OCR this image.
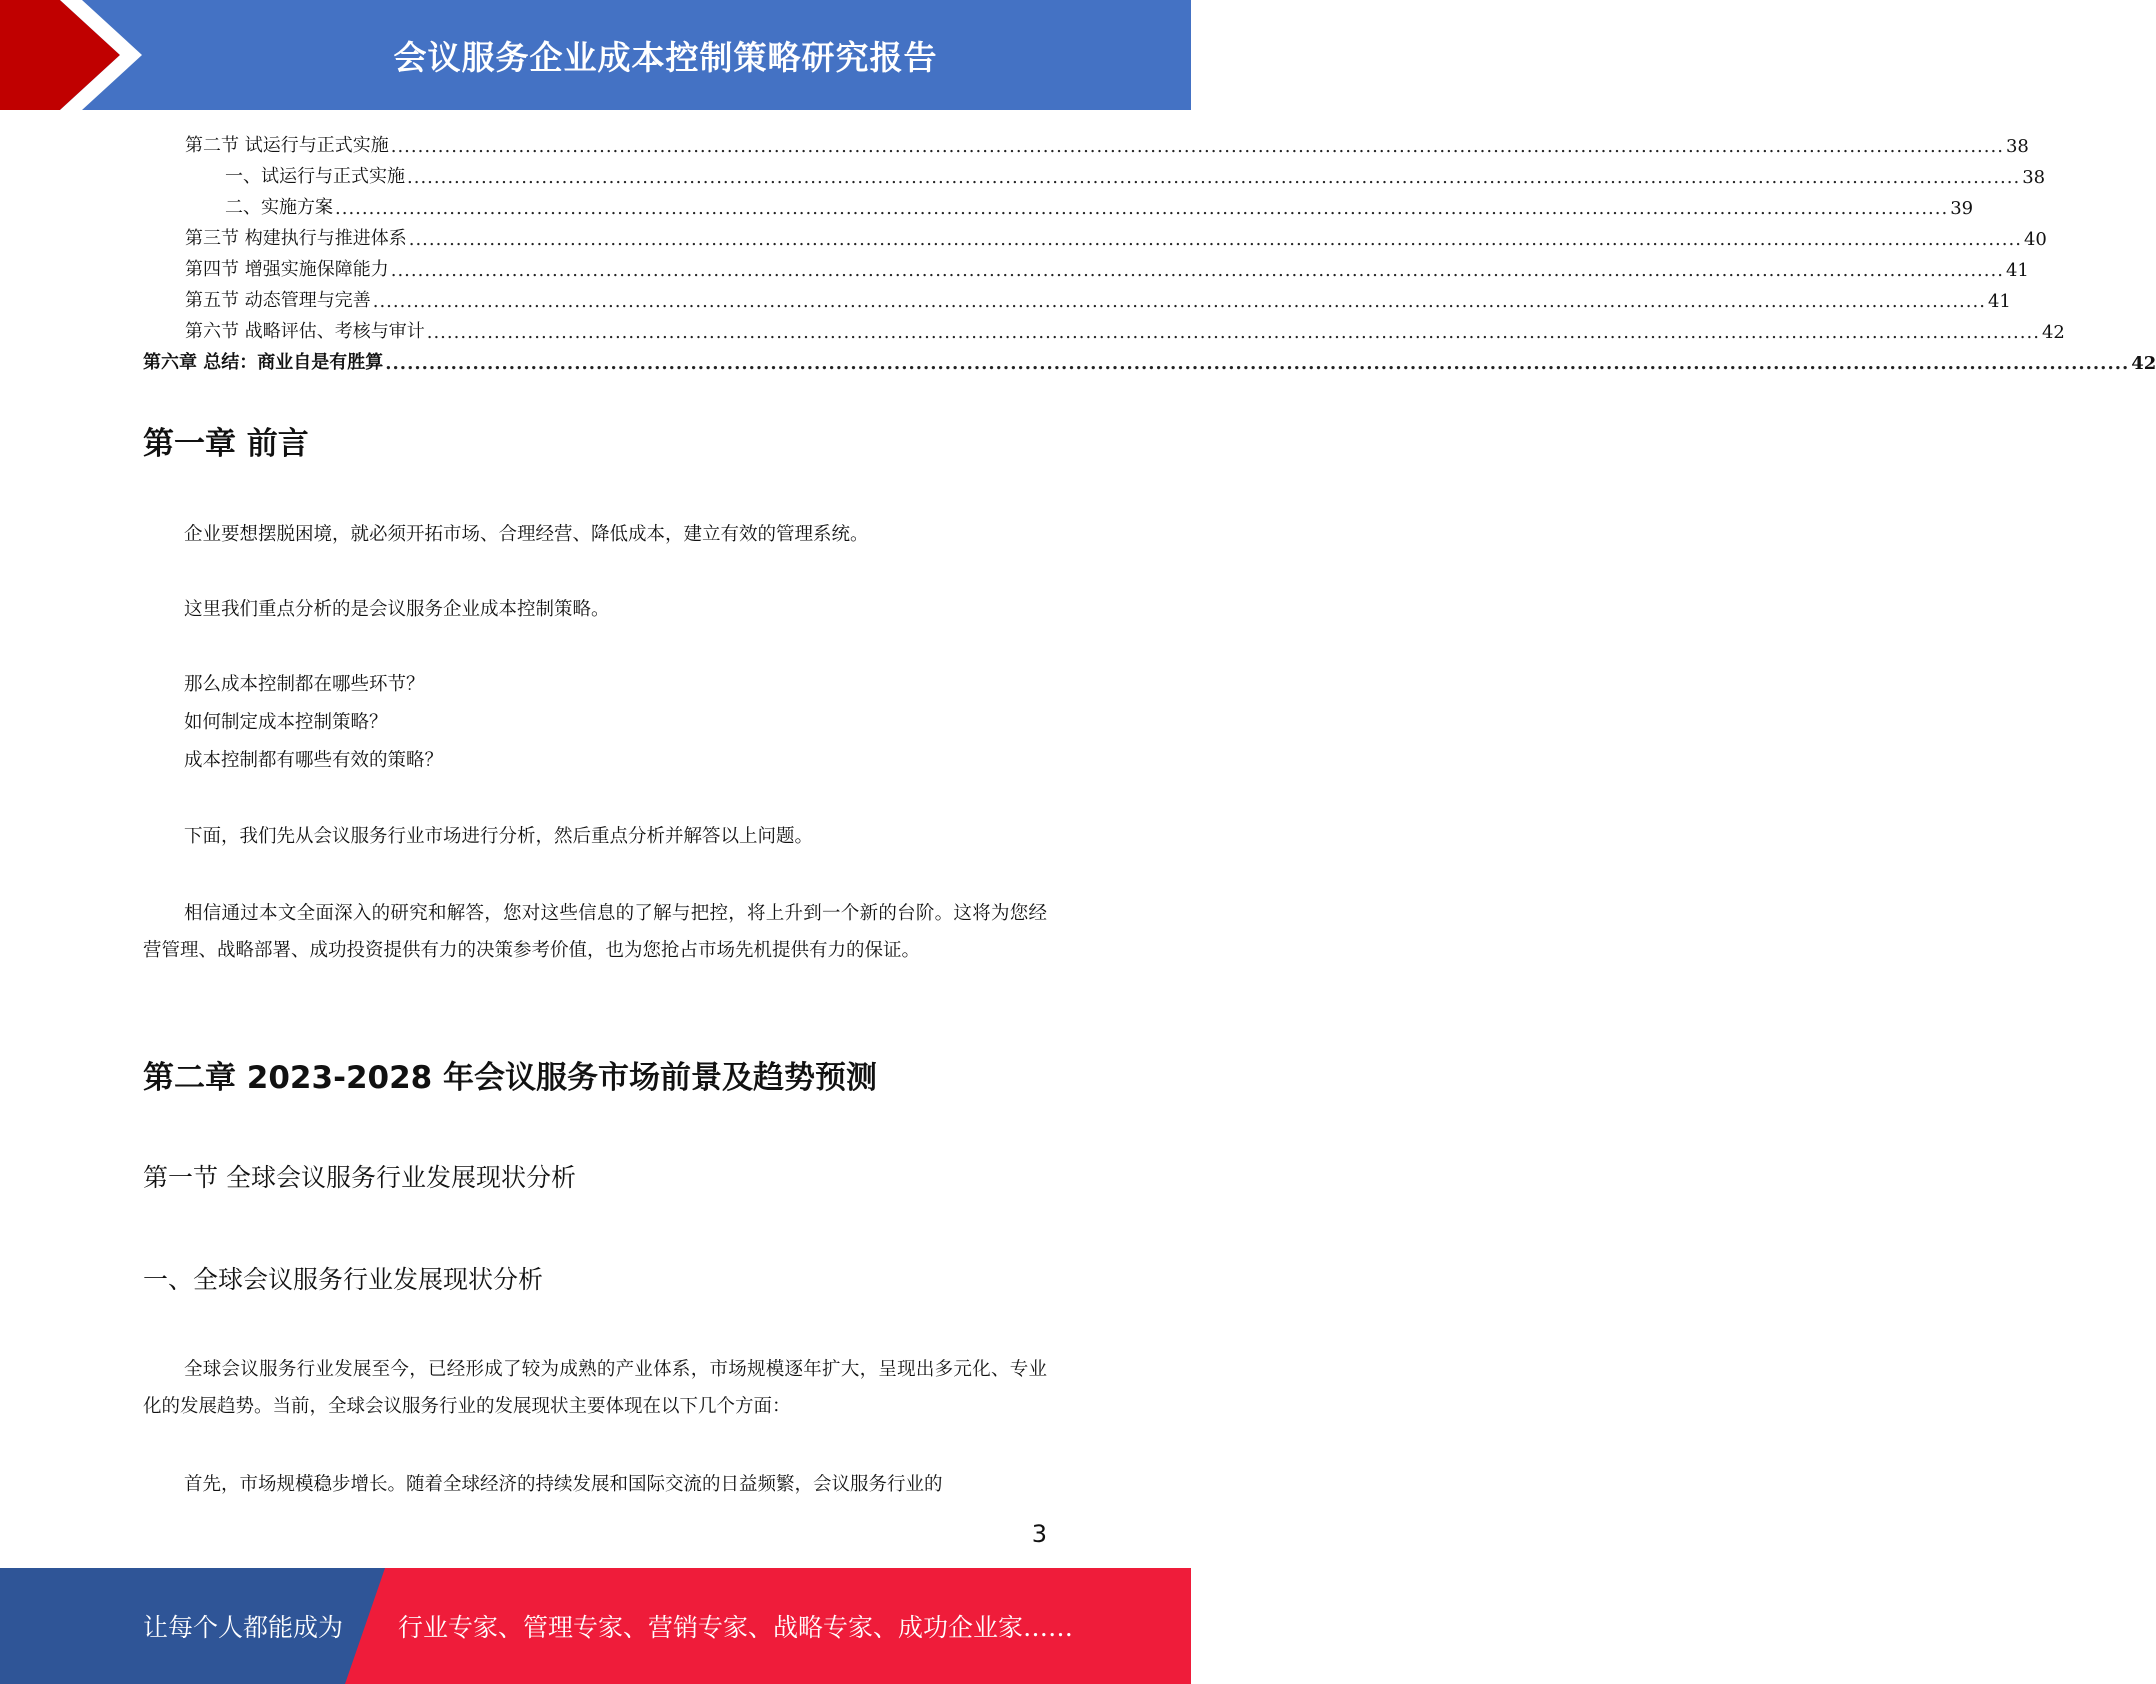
会议服务企业成本控制策略研究报告
第二节 试运行与正式实施 ................................................................................................................................................................................................................................................ 38
一、试运行与正式实施 ................................................................................................................................................................................................................................................ 38
二、实施方案 ................................................................................................................................................................................................................................................ 39
第三节 构建执行与推进体系 ................................................................................................................................................................................................................................................ 40
第四节 增强实施保障能力 ................................................................................................................................................................................................................................................ 41
第五节 动态管理与完善 ................................................................................................................................................................................................................................................ 41
第六节 战略评估、考核与审计 ................................................................................................................................................................................................................................................ 42
第六章 总结：商业自是有胜算 ................................................................................................................................................................................................................................................ 42
第一章 前言

企业要想摆脱困境，就必须开拓市场、合理经营、降低成本，建立有效的管理系统。

这里我们重点分析的是会议服务企业成本控制策略。

那么成本控制都在哪些环节？

如何制定成本控制策略？

成本控制都有哪些有效的策略？

下面，我们先从会议服务行业市场进行分析，然后重点分析并解答以上问题。

相信通过本文全面深入的研究和解答，您对这些信息的了解与把控，将上升到一个新的台阶。这将为您经营管理、战略部署、成功投资提供有力的决策参考价值，也为您抢占市场先机提供有力的保证。

第二章 2023-2028 年会议服务市场前景及趋势预测
第一节 全球会议服务行业发展现状分析
一、全球会议服务行业发展现状分析

全球会议服务行业发展至今，已经形成了较为成熟的产业体系，市场规模逐年扩大，呈现出多元化、专业化的发展趋势。当前，全球会议服务行业的发展现状主要体现在以下几个方面：

首先，市场规模稳步增长。随着全球经济的持续发展和国际交流的日益频繁，会议服务行业的

3
让每个人都能成为 行业专家、管理专家、营销专家、战略专家、成功企业家……
